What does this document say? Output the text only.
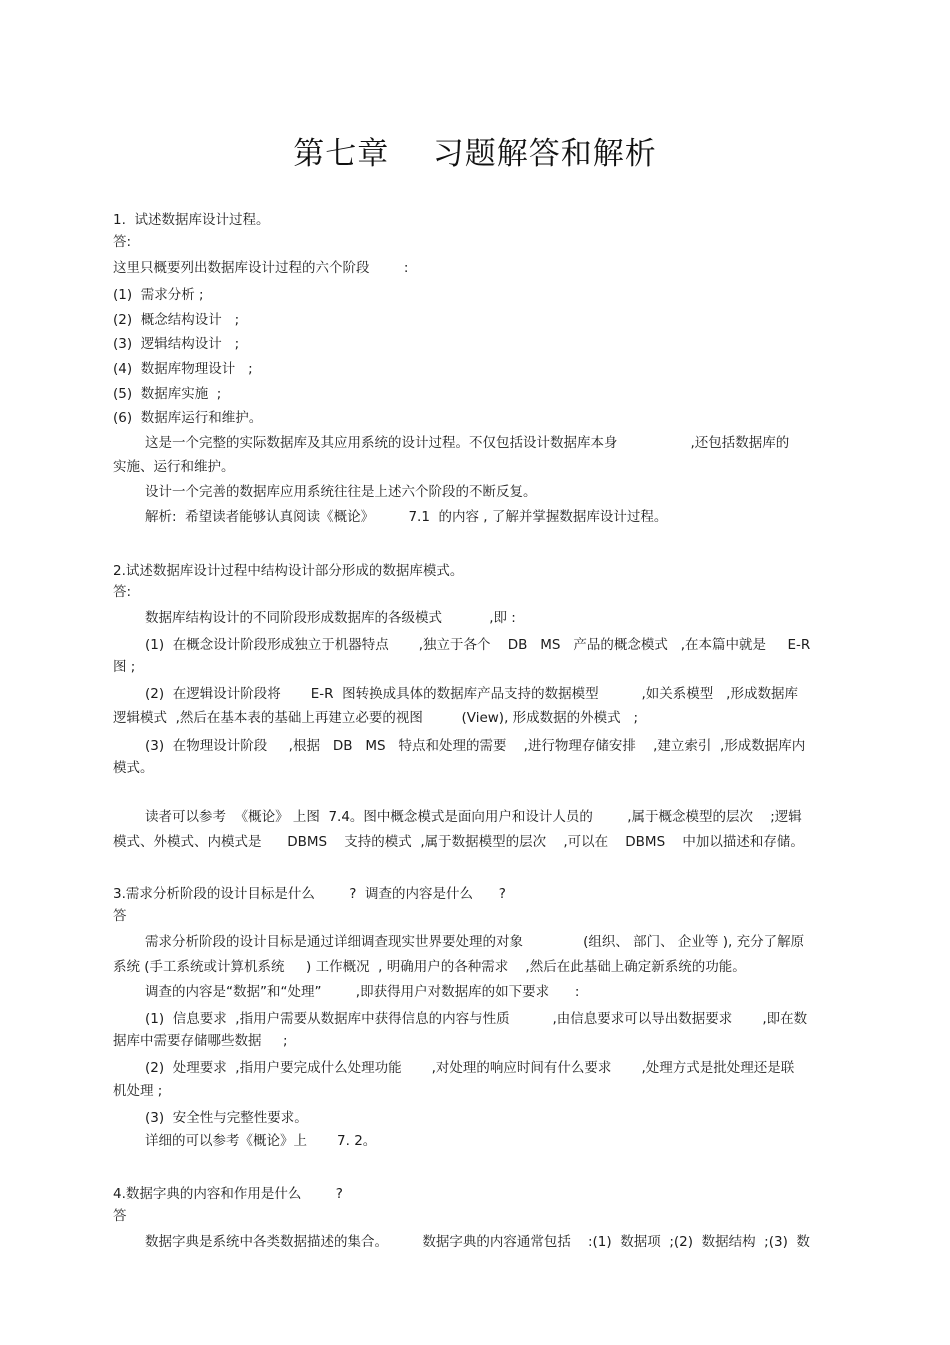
第七章    习题解答和解析
1.  试述数据库设计过程。
答:
这里只概要列出数据库设计过程的六个阶段        :
(1)  需求分析 ;
(2)  概念结构设计   ;
(3)  逻辑结构设计   ;
(4)  数据库物理设计   ;
(5)  数据库实施  ;
(6)  数据库运行和维护。
这是一个完整的实际数据库及其应用系统的设计过程。不仅包括设计数据库本身                 ,还包括数据库的
实施、运行和维护。
设计一个完善的数据库应用系统往往是上述六个阶段的不断反复。
解析:  希望读者能够认真阅读《概论》        7.1  的内容 , 了解并掌握数据库设计过程。
2.试述数据库设计过程中结构设计部分形成的数据库模式。
答:
数据库结构设计的不同阶段形成数据库的各级模式           ,即 :
(1)  在概念设计阶段形成独立于机器特点       ,独立于各个    DB   MS   产品的概念模式   ,在本篇中就是     E-R
图 ;
(2)  在逻辑设计阶段将       E-R  图转换成具体的数据库产品支持的数据模型          ,如关系模型   ,形成数据库
逻辑模式  ,然后在基本表的基础上再建立必要的视图         (View), 形成数据的外模式   ;
(3)  在物理设计阶段     ,根据   DB   MS   特点和处理的需要    ,进行物理存储安排    ,建立索引  ,形成数据库内
模式。
读者可以参考  《概论》 上图  7.4。图中概念模式是面向用户和设计人员的        ,属于概念模型的层次    ;逻辑
模式、外模式、内模式是      DBMS    支持的模式  ,属于数据模型的层次    ,可以在    DBMS    中加以描述和存储。
3.需求分析阶段的设计目标是什么        ?  调查的内容是什么      ?
答
需求分析阶段的设计目标是通过详细调查现实世界要处理的对象              (组织、 部门、 企业等 ), 充分了解原
系统 (手工系统或计算机系统     ) 工作概况  , 明确用户的各种需求    ,然后在此基础上确定新系统的功能。
调查的内容是“数据”和“处理”        ,即获得用户对数据库的如下要求      :
(1)  信息要求  ,指用户需要从数据库中获得信息的内容与性质          ,由信息要求可以导出数据要求       ,即在数
据库中需要存储哪些数据     ;
(2)  处理要求  ,指用户要完成什么处理功能       ,对处理的响应时间有什么要求       ,处理方式是批处理还是联
机处理 ;
(3)  安全性与完整性要求。
详细的可以参考《概论》上       7. 2。
4.数据字典的内容和作用是什么        ?
答
数据字典是系统中各类数据描述的集合。        数据字典的内容通常包括    :(1)  数据项  ;(2)  数据结构  ;(3)  数
